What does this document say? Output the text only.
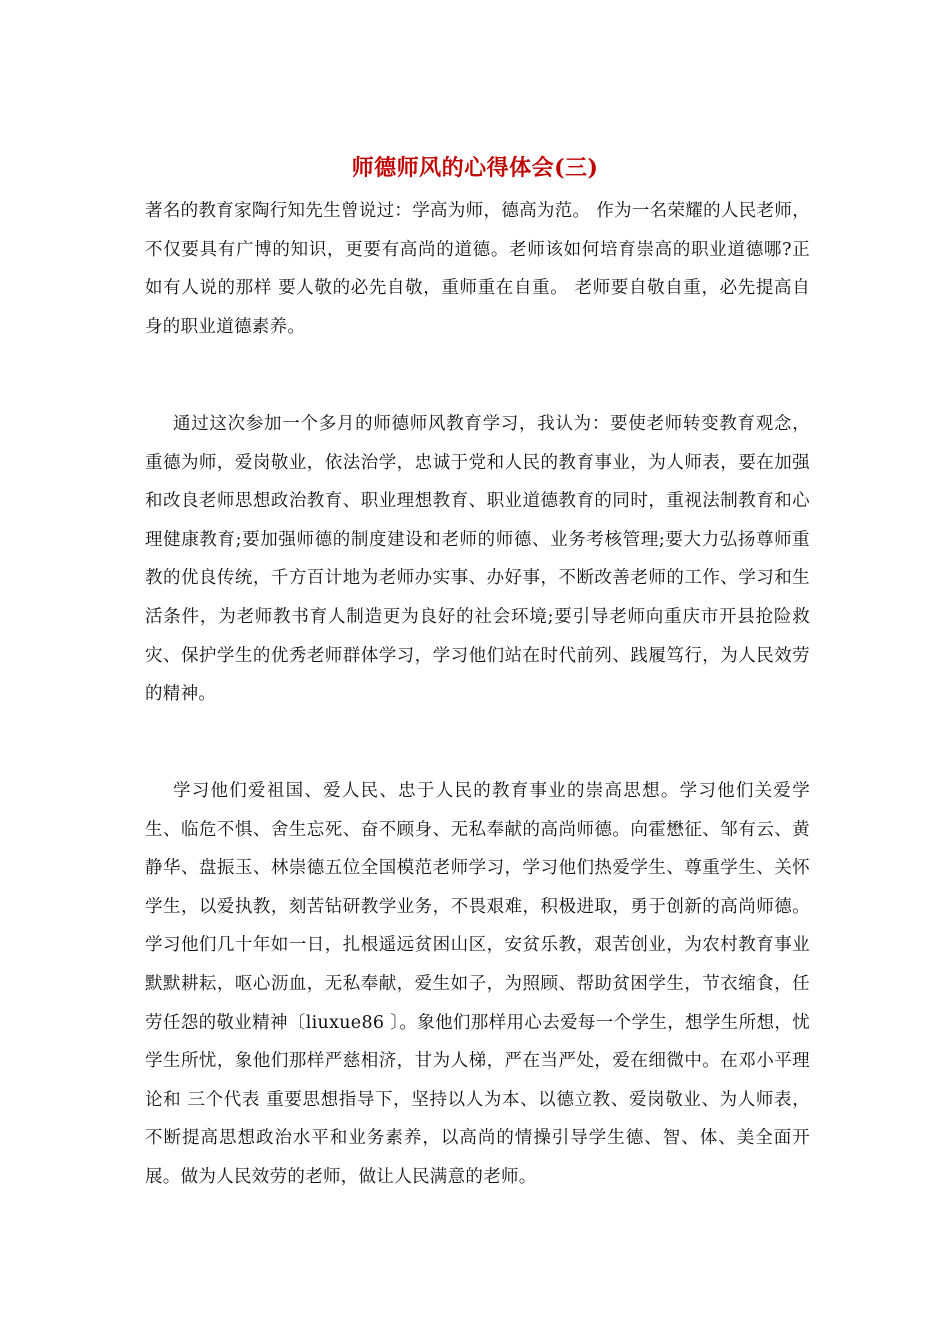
师德师风的心得体会(三)

著名的教育家陶行知先生曾说过：学高为师，德高为范。 作为一名荣耀的人民老师，不仅要具有广博的知识，更要有高尚的道德。老师该如何培育崇高的职业道德哪?正如有人说的那样 要人敬的必先自敬，重师重在自重。 老师要自敬自重，必先提高自身的职业道德素养。

通过这次参加一个多月的师德师风教育学习，我认为：要使老师转变教育观念，重德为师，爱岗敬业，依法治学，忠诚于党和人民的教育事业，为人师表，要在加强和改良老师思想政治教育、职业理想教育、职业道德教育的同时，重视法制教育和心理健康教育;要加强师德的制度建设和老师的师德、业务考核管理;要大力弘扬尊师重教的优良传统，千方百计地为老师办实事、办好事，不断改善老师的工作、学习和生活条件，为老师教书育人制造更为良好的社会环境;要引导老师向重庆市开县抢险救灾、保护学生的优秀老师群体学习，学习他们站在时代前列、践履笃行，为人民效劳的精神。

学习他们爱祖国、爱人民、忠于人民的教育事业的崇高思想。学习他们关爱学生、临危不惧、舍生忘死、奋不顾身、无私奉献的高尚师德。向霍懋征、邹有云、黄静华、盘振玉、林崇德五位全国模范老师学习，学习他们热爱学生、尊重学生、关怀学生，以爱执教，刻苦钻研教学业务，不畏艰难，积极进取，勇于创新的高尚师德。学习他们几十年如一日，扎根遥远贫困山区，安贫乐教，艰苦创业，为农村教育事业默默耕耘，呕心沥血，无私奉献，爱生如子，为照顾、帮助贫困学生，节衣缩食，任劳任怨的敬业精神〔liuxue86 〕。象他们那样用心去爱每一个学生，想学生所想，忧学生所忧，象他们那样严慈相济，甘为人梯，严在当严处，爱在细微中。在邓小平理论和 三个代表 重要思想指导下，坚持以人为本、以德立教、爱岗敬业、为人师表，不断提高思想政治水平和业务素养，以高尚的情操引导学生德、智、体、美全面开展。做为人民效劳的老师，做让人民满意的老师。
